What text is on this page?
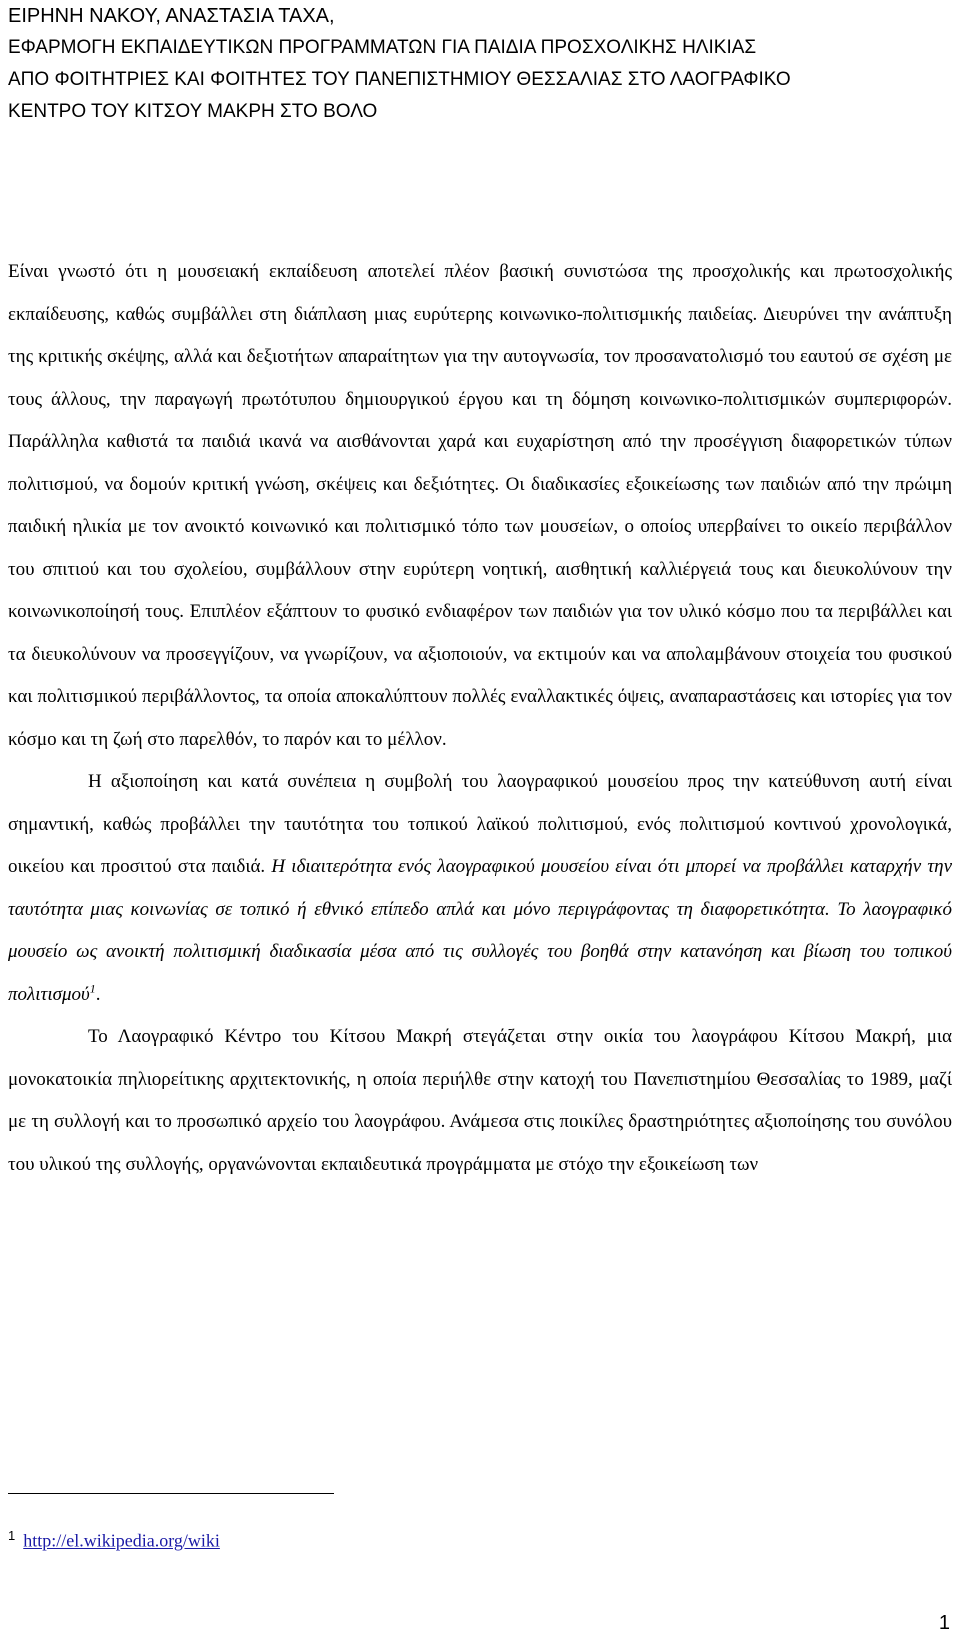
ΕΙΡΗΝΗ ΝΑΚΟΥ, ΑΝΑΣΤΑΣΙΑ ΤΑΧΑ,
ΕΦΑΡΜΟΓΗ ΕΚΠΑΙΔΕΥΤΙΚΩΝ ΠΡΟΓΡΑΜΜΑΤΩΝ ΓΙΑ ΠΑΙΔΙΑ ΠΡΟΣΧΟΛΙΚΗΣ ΗΛΙΚΙΑΣ
ΑΠΟ ΦΟΙΤΗΤΡΙΕΣ ΚΑΙ ΦΟΙΤΗΤΕΣ ΤΟΥ ΠΑΝΕΠΙΣΤΗΜΙΟΥ ΘΕΣΣΑΛΙΑΣ ΣΤΟ ΛΑΟΓΡΑΦΙΚΟ
ΚΕΝΤΡΟ ΤΟΥ ΚΙΤΣΟΥ ΜΑΚΡΗ ΣΤΟ ΒΟΛΟ

Είναι γνωστό ότι η μουσειακή εκπαίδευση αποτελεί πλέον βασική συνιστώσα της προσχολικής και πρωτοσχολικής εκπαίδευσης, καθώς συμβάλλει στη διάπλαση μιας ευρύτερης κοινωνικο-πολιτισμικής παιδείας. Διευρύνει την ανάπτυξη της κριτικής σκέψης, αλλά και δεξιοτήτων απαραίτητων για την αυτογνωσία, τον προσανατολισμό του εαυτού σε σχέση με τους άλλους, την παραγωγή πρωτότυπου δημιουργικού έργου και τη δόμηση κοινωνικο-πολιτισμικών συμπεριφορών. Παράλληλα καθιστά τα παιδιά ικανά να αισθάνονται χαρά και ευχαρίστηση από την προσέγγιση διαφορετικών τύπων πολιτισμού, να δομούν κριτική γνώση, σκέψεις και δεξιότητες. Οι διαδικασίες εξοικείωσης των παιδιών από την πρώιμη παιδική ηλικία με τον ανοικτό κοινωνικό και πολιτισμικό τόπο των μουσείων, ο οποίος υπερβαίνει το οικείο περιβάλλον του σπιτιού και του σχολείου, συμβάλλουν στην ευρύτερη νοητική, αισθητική καλλιέργειά τους και διευκολύνουν την κοινωνικοποίησή τους. Επιπλέον εξάπτουν το φυσικό ενδιαφέρον των παιδιών για τον υλικό κόσμο που τα περιβάλλει και τα διευκολύνουν να προσεγγίζουν, να γνωρίζουν, να αξιοποιούν, να εκτιμούν και να απολαμβάνουν στοιχεία του φυσικού και πολιτισμικού περιβάλλοντος, τα οποία αποκαλύπτουν πολλές εναλλακτικές όψεις, αναπαραστάσεις και ιστορίες για τον κόσμο και τη ζωή στο παρελθόν, το παρόν και το μέλλον.

Η αξιοποίηση και κατά συνέπεια η συμβολή του λαογραφικού μουσείου προς την κατεύθυνση αυτή είναι σημαντική, καθώς προβάλλει την ταυτότητα του τοπικού λαϊκού πολιτισμού, ενός πολιτισμού κοντινού χρονολογικά, οικείου και προσιτού στα παιδιά. Η ιδιαιτερότητα ενός λαογραφικού μουσείου είναι ότι μπορεί να προβάλλει καταρχήν την ταυτότητα μιας κοινωνίας σε τοπικό ή εθνικό επίπεδο απλά και μόνο περιγράφοντας τη διαφορετικότητα. Το λαογραφικό μουσείο ως ανοικτή πολιτισμική διαδικασία μέσα από τις συλλογές του βοηθά στην κατανόηση και βίωση του τοπικού πολιτισμού$^1$.

Το Λαογραφικό Κέντρο του Κίτσου Μακρή στεγάζεται στην οικία του λαογράφου Κίτσου Μακρή, μια μονοκατοικία πηλιορείτικης αρχιτεκτονικής, η οποία περιήλθε στην κατοχή του Πανεπιστημίου Θεσσαλίας το 1989, μαζί με τη συλλογή και το προσωπικό αρχείο του λαογράφου. Ανάμεσα στις ποικίλες δραστηριότητες αξιοποίησης του συνόλου του υλικού της συλλογής, οργανώνονται εκπαιδευτικά προγράμματα με στόχο την εξοικείωση των

$^1$ http://el.wikipedia.org/wiki
1
